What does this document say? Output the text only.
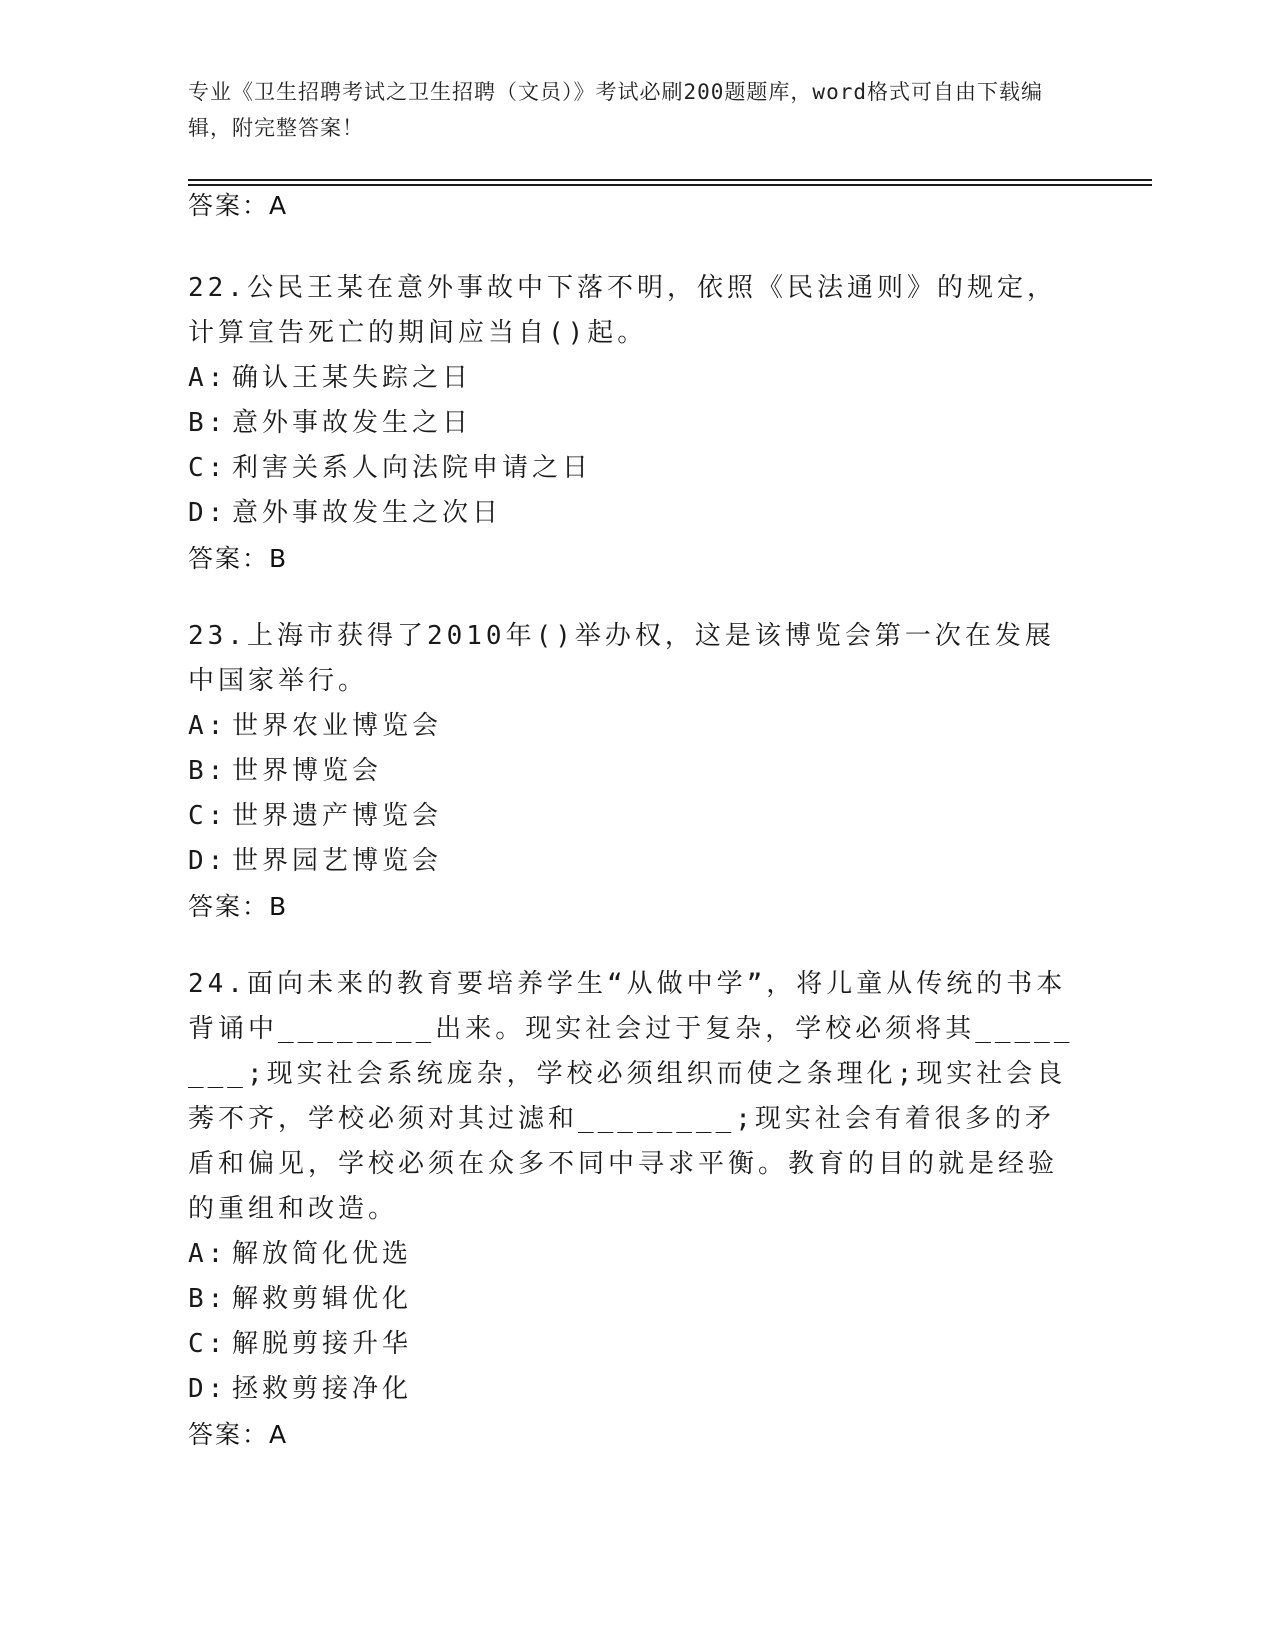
专业《卫生招聘考试之卫生招聘（文员）》考试必刷200题题库，word格式可自由下载编辑，附完整答案！
答案：A
22.公民王某在意外事故中下落不明，依照《民法通则》的规定，计算宣告死亡的期间应当自()起。
A: 确认王某失踪之日
B: 意外事故发生之日
C: 利害关系人向法院申请之日
D: 意外事故发生之次日
答案：B
23.上海市获得了2010年()举办权，这是该博览会第一次在发展中国家举行。
A: 世界农业博览会
B: 世界博览会
C: 世界遗产博览会
D: 世界园艺博览会
答案：B
24.面向未来的教育要培养学生“从做中学”，将儿童从传统的书本背诵中________出来。现实社会过于复杂，学校必须将其________;现实社会系统庞杂，学校必须组织而使之条理化;现实社会良莠不齐，学校必须对其过滤和________;现实社会有着很多的矛盾和偏见，学校必须在众多不同中寻求平衡。教育的目的就是经验的重组和改造。
A: 解放简化优选
B: 解救剪辑优化
C: 解脱剪接升华
D: 拯救剪接净化
答案：A
